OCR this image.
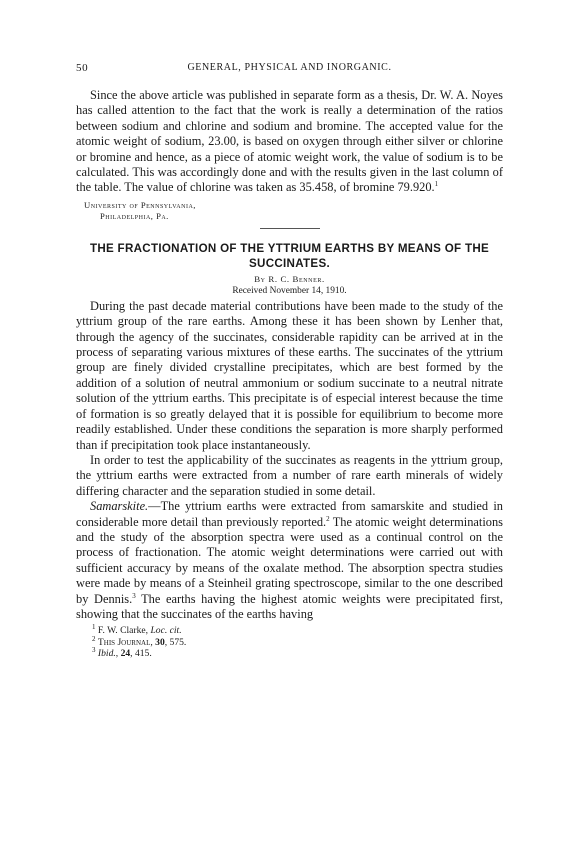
50	GENERAL, PHYSICAL AND INORGANIC.

Since the above article was published in separate form as a thesis, Dr. W. A. Noyes has called attention to the fact that the work is really a determination of the ratios between sodium and chlorine and sodium and bromine. The accepted value for the atomic weight of sodium, 23.00, is based on oxygen through either silver or chlorine or bromine and hence, as a piece of atomic weight work, the value of sodium is to be calculated. This was accordingly done and with the results given in the last column of the table. The value of chlorine was taken as 35.458, of bromine 79.920.$^1$

University of Pennsylvania,
Philadelphia, Pa.
THE FRACTIONATION OF THE YTTRIUM EARTHS BY MEANS OF THE SUCCINATES.
By R. C. Benner.
Received November 14, 1910.

During the past decade material contributions have been made to the study of the yttrium group of the rare earths. Among these it has been shown by Lenher that, through the agency of the succinates, considerable rapidity can be arrived at in the process of separating various mixtures of these earths. The succinates of the yttrium group are finely divided crystalline precipitates, which are best formed by the addition of a solution of neutral ammonium or sodium succinate to a neutral nitrate solution of the yttrium earths. This precipitate is of especial interest because the time of formation is so greatly delayed that it is possible for equilibrium to become more readily established. Under these conditions the separation is more sharply performed than if precipitation took place instantaneously.

In order to test the applicability of the succinates as reagents in the yttrium group, the yttrium earths were extracted from a number of rare earth minerals of widely differing character and the separation studied in some detail.

Samarskite.—The yttrium earths were extracted from samarskite and studied in considerable more detail than previously reported.$^2$ The atomic weight determinations and the study of the absorption spectra were used as a continual control on the process of fractionation. The atomic weight determinations were carried out with sufficient accuracy by means of the oxalate method. The absorption spectra studies were made by means of a Steinheil grating spectroscope, similar to the one described by Dennis.$^3$ The earths having the highest atomic weights were precipitated first, showing that the succinates of the earths having

$^1$ F. W. Clarke, Loc. cit.
$^2$ This Journal, 30, 575.
$^3$ Ibid., 24, 415.
